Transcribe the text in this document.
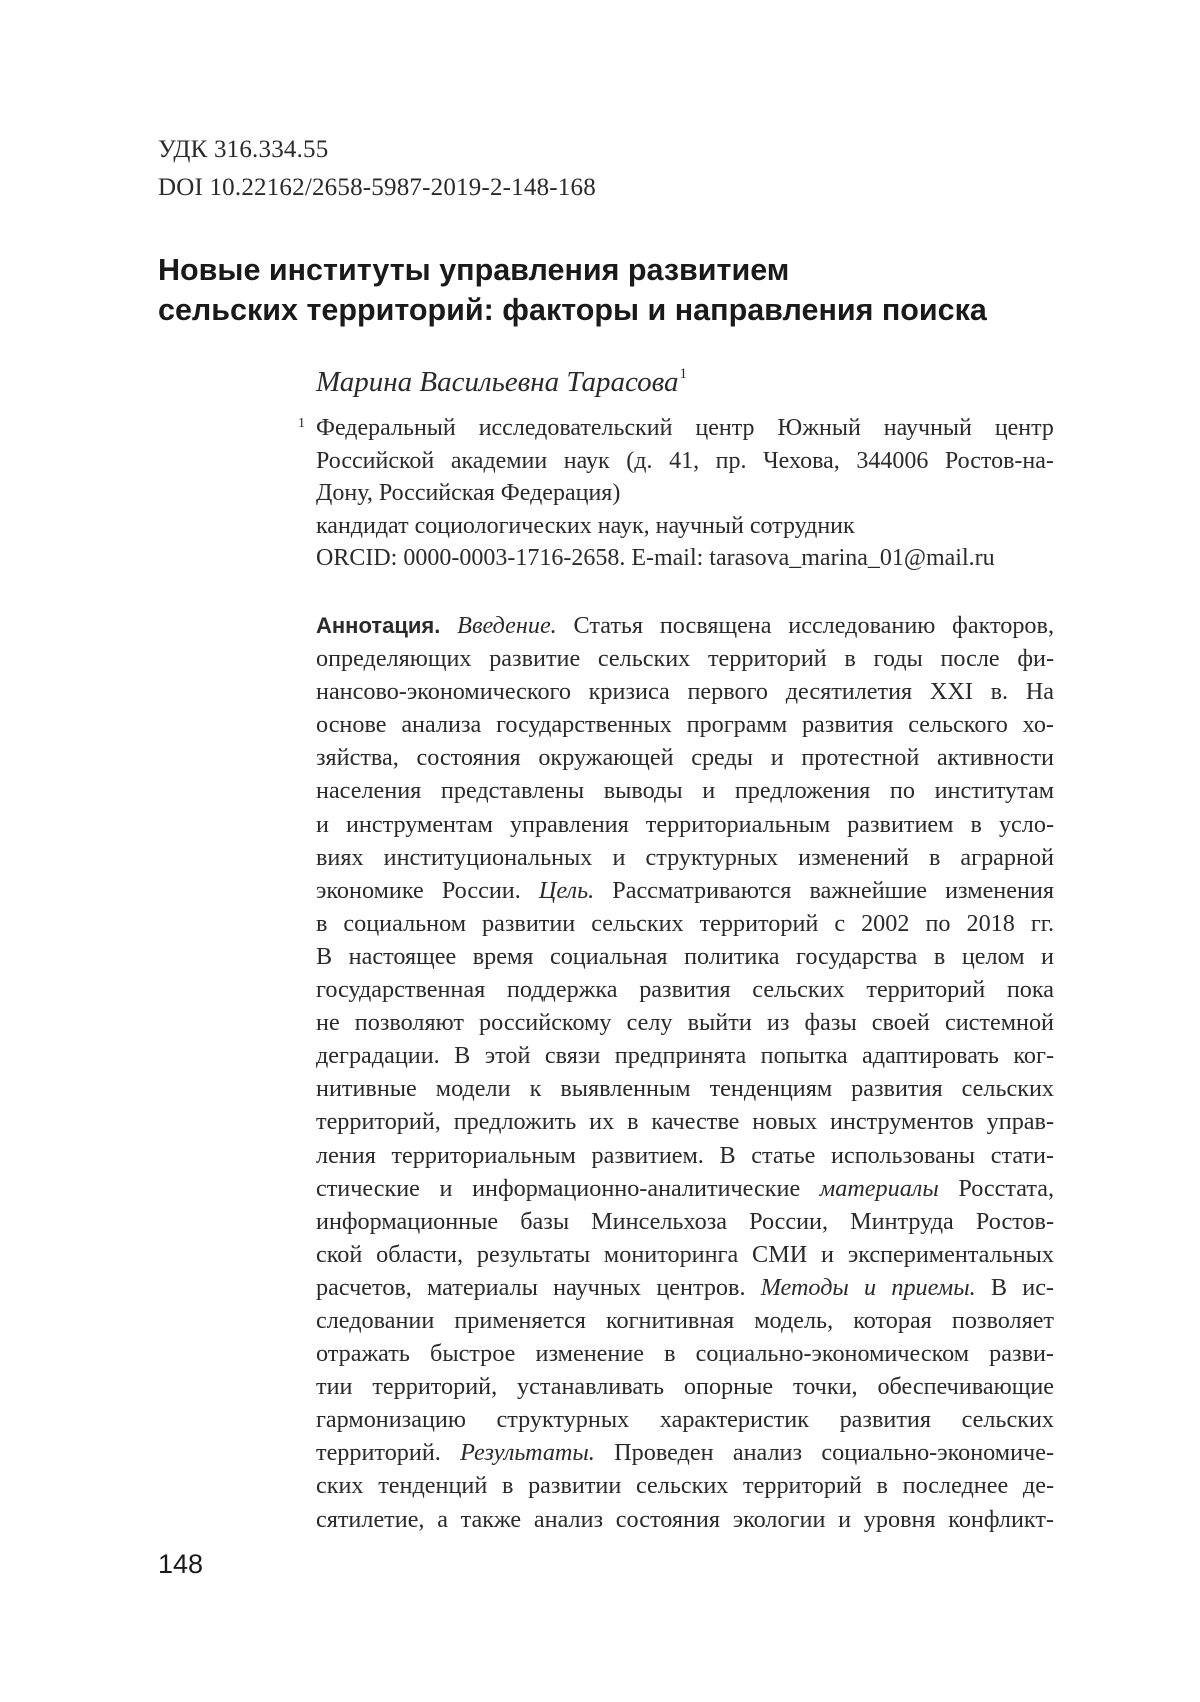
УДК 316.334.55
DOI 10.22162/2658-5987-2019-2-148-168
Новые институты управления развитием
сельских территорий: факторы и направления поиска
Марина Васильевна Тарасова1
1 Федеральный исследовательский центр Южный научный центр
Российской академии наук (д. 41, пр. Чехова, 344006 Ростов-на-
Дону, Российская Федерация)
кандидат социологических наук, научный сотрудник
ORCID: 0000-0003-1716-2658. E-mail: tarasova_marina_01@mail.ru
Аннотация. Введение. Статья посвящена исследованию факторов,
определяющих развитие сельских территорий в годы после фи-
нансово-экономического кризиса первого десятилетия XXI в. На
основе анализа государственных программ развития сельского хо-
зяйства, состояния окружающей среды и протестной активности
населения представлены выводы и предложения по институтам
и инструментам управления территориальным развитием в усло-
виях институциональных и структурных изменений в аграрной
экономике России. Цель. Рассматриваются важнейшие изменения
в социальном развитии сельских территорий с 2002 по 2018 гг.
В настоящее время социальная политика государства в целом и
государственная поддержка развития сельских территорий пока
не позволяют российскому селу выйти из фазы своей системной
деградации. В этой связи предпринята попытка адаптировать ког-
нитивные модели к выявленным тенденциям развития сельских
территорий, предложить их в качестве новых инструментов управ-
ления территориальным развитием. В статье использованы стати-
стические и информационно-аналитические материалы Росстата,
информационные базы Минсельхоза России, Минтруда Ростов-
ской области, результаты мониторинга СМИ и экспериментальных
расчетов, материалы научных центров. Методы и приемы. В ис-
следовании применяется когнитивная модель, которая позволяет
отражать быстрое изменение в социально-экономическом разви-
тии территорий, устанавливать опорные точки, обеспечивающие
гармонизацию структурных характеристик развития сельских
территорий. Результаты. Проведен анализ социально-экономиче-
ских тенденций в развитии сельских территорий в последнее де-
сятилетие, а также анализ состояния экологии и уровня конфликт-
148
